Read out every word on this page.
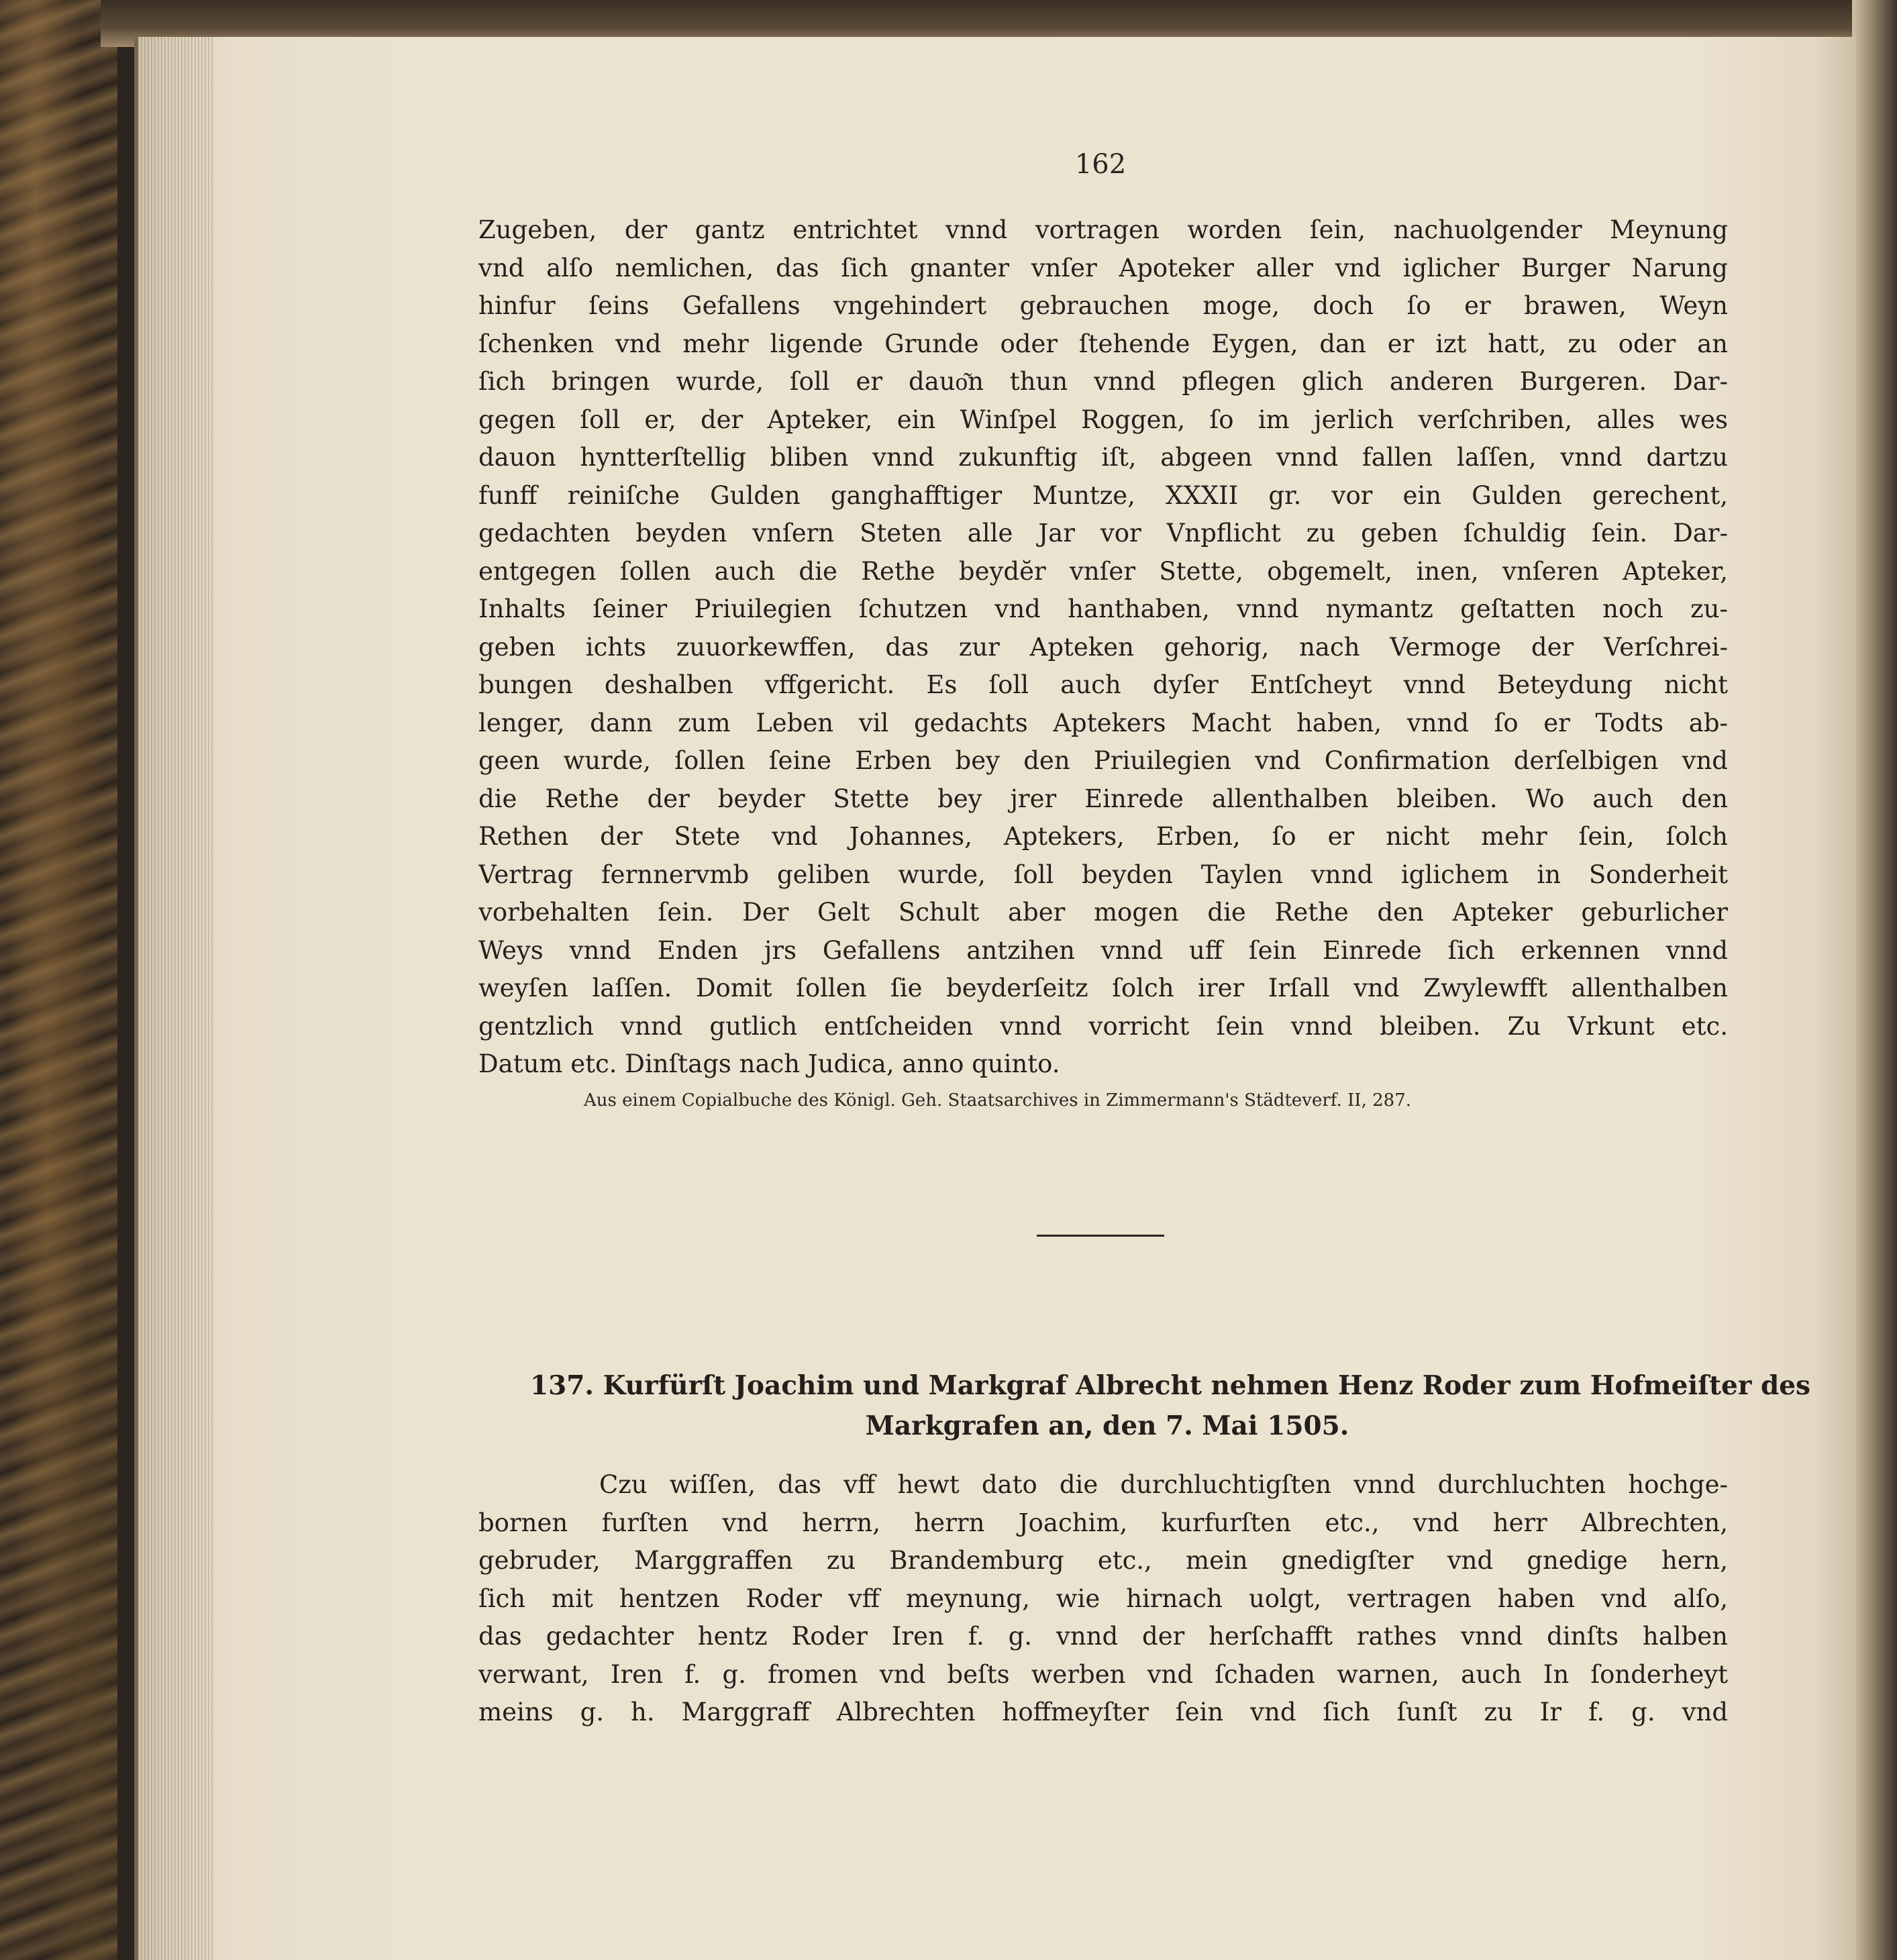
162
Zugeben, der gantz entrichtet vnnd vortragen worden ſein, nachuolgender Meynung
vnd alſo nemlichen, das ſich gnanter vnſer Apoteker aller vnd iglicher Burger Narung
hinfur ſeins Gefallens vngehindert gebrauchen moge, doch ſo er brawen, Weyn
ſchenken vnd mehr ligende Grunde oder ſtehende Eygen, dan er izt hatt, zu oder an
ſich bringen wurde, ſoll er dauo͂n thun vnnd pflegen glich anderen Burgeren. Dar-
gegen ſoll er, der Apteker, ein Winſpel Roggen, ſo im jerlich verſchriben, alles wes
dauon hyntterſtellig bliben vnnd zukunftig iſt, abgeen vnnd fallen laſſen, vnnd dartzu
funff reiniſche Gulden ganghafftiger Muntze, XXXII gr. vor ein Gulden gerechent,
gedachten beyden vnſern Steten alle Jar vor Vnpflicht zu geben ſchuldig ſein. Dar-
entgegen ſollen auch die Rethe beydĕr vnſer Stette, obgemelt, inen, vnſeren Apteker,
Inhalts ſeiner Priuilegien ſchutzen vnd hanthaben, vnnd nymantz geſtatten noch zu-
geben ichts zuuorkewffen, das zur Apteken gehorig, nach Vermoge der Verſchrei-
bungen deshalben vffgericht. Es ſoll auch dyſer Entſcheyt vnnd Beteydung nicht
lenger, dann zum Leben vil gedachts Aptekers Macht haben, vnnd ſo er Todts ab-
geen wurde, ſollen ſeine Erben bey den Priuilegien vnd Confirmation derſelbigen vnd
die Rethe der beyder Stette bey jrer Einrede allenthalben bleiben. Wo auch den
Rethen der Stete vnd Johannes, Aptekers, Erben, ſo er nicht mehr ſein, ſolch
Vertrag fernnervmb geliben wurde, ſoll beyden Taylen vnnd iglichem in Sonderheit
vorbehalten ſein. Der Gelt Schult aber mogen die Rethe den Apteker geburlicher
Weys vnnd Enden jrs Gefallens antzihen vnnd uff ſein Einrede ſich erkennen vnnd
weyſen laſſen. Domit ſollen ſie beyderſeitz ſolch irer Irſall vnd Zwylewfft allenthalben
gentzlich vnnd gutlich entſcheiden vnnd vorricht ſein vnnd bleiben. Zu Vrkunt etc.
Datum etc. Dinſtags nach Judica, anno quinto.
Aus einem Copialbuche des Königl. Geh. Staatsarchives in Zimmermann's Städteverf. II, 287.
137. Kurfürſt Joachim und Markgraf Albrecht nehmen Henz Roder zum Hofmeiſter des
Markgrafen an, den 7. Mai 1505.
Czu wiſſen, das vff hewt dato die durchluchtigſten vnnd durchluchten hochge-
bornen furſten vnd herrn, herrn Joachim, kurfurſten etc., vnd herr Albrechten,
gebruder, Marggraffen zu Brandemburg etc., mein gnedigſter vnd gnedige hern,
ſich mit hentzen Roder vff meynung, wie hirnach uolgt, vertragen haben vnd alſo,
das gedachter hentz Roder Iren f. g. vnnd der herſchafft rathes vnnd dinſts halben
verwant, Iren f. g. fromen vnd beſts werben vnd ſchaden warnen, auch In ſonderheyt
meins g. h. Marggraff Albrechten hoffmeyſter ſein vnd ſich ſunſt zu Ir f. g. vnd
